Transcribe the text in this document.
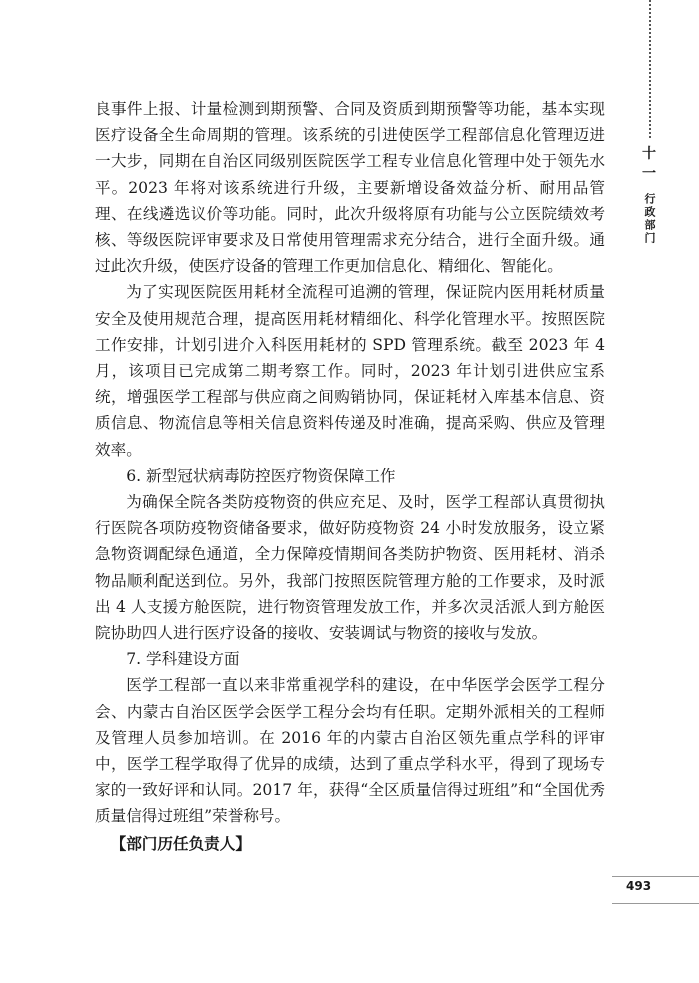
十一
行政部门
493

良事件上报、计量检测到期预警、合同及资质到期预警等功能，基本实现医疗设备全生命周期的管理。该系统的引进使医学工程部信息化管理迈进一大步，同期在自治区同级别医院医学工程专业信息化管理中处于领先水平。2023 年将对该系统进行升级，主要新增设备效益分析、耐用品管理、在线遴选议价等功能。同时，此次升级将原有功能与公立医院绩效考核、等级医院评审要求及日常使用管理需求充分结合，进行全面升级。通过此次升级，使医疗设备的管理工作更加信息化、精细化、智能化。

为了实现医院医用耗材全流程可追溯的管理，保证院内医用耗材质量安全及使用规范合理，提高医用耗材精细化、科学化管理水平。按照医院工作安排，计划引进介入科医用耗材的 SPD 管理系统。截至 2023 年 4 月，该项目已完成第二期考察工作。同时，2023 年计划引进供应宝系统，增强医学工程部与供应商之间购销协同，保证耗材入库基本信息、资质信息、物流信息等相关信息资料传递及时准确，提高采购、供应及管理效率。

6. 新型冠状病毒防控医疗物资保障工作

为确保全院各类防疫物资的供应充足、及时，医学工程部认真贯彻执行医院各项防疫物资储备要求，做好防疫物资 24 小时发放服务，设立紧急物资调配绿色通道，全力保障疫情期间各类防护物资、医用耗材、消杀物品顺利配送到位。另外，我部门按照医院管理方舱的工作要求，及时派出 4 人支援方舱医院，进行物资管理发放工作，并多次灵活派人到方舱医院协助四人进行医疗设备的接收、安装调试与物资的接收与发放。

7. 学科建设方面

医学工程部一直以来非常重视学科的建设，在中华医学会医学工程分会、内蒙古自治区医学会医学工程分会均有任职。定期外派相关的工程师及管理人员参加培训。在 2016 年的内蒙古自治区领先重点学科的评审中，医学工程学取得了优异的成绩，达到了重点学科水平，得到了现场专家的一致好评和认同。2017 年，获得“全区质量信得过班组”和“全国优秀质量信得过班组”荣誉称号。

【部门历任负责人】
